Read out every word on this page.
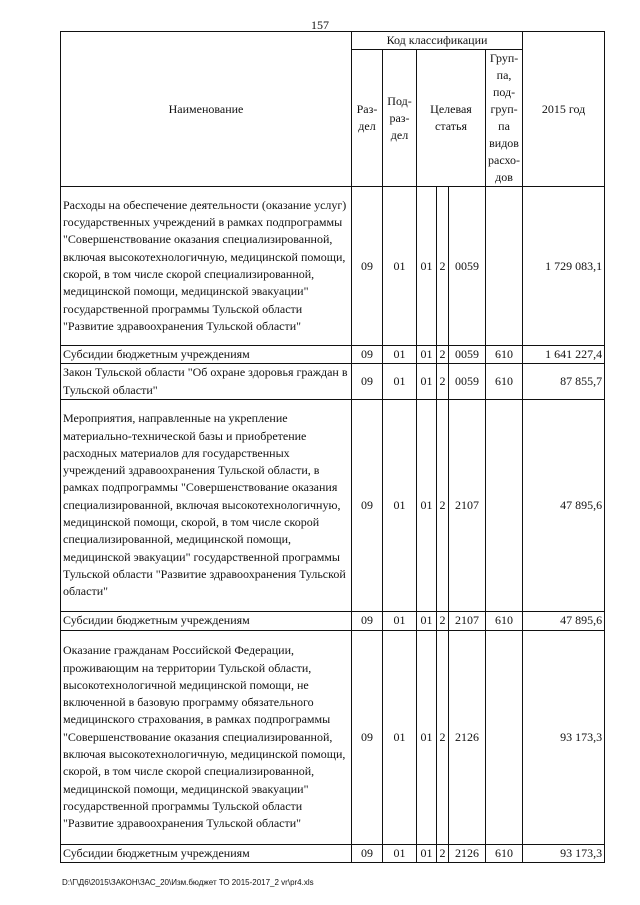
157
Наименование	Код классификации						2015 год
	Раз- дел	Под- раз- дел	Целевая статья			Груп- па, под- груп- па видов расхо- дов	
Расходы на обеспечение деятельности (оказание услуг) государственных учреждений в рамках подпрограммы "Совершенствование оказания специализированной, включая высокотехнологичную, медицинской помощи, скорой, в том числе скорой специализированной, медицинской помощи, медицинской эвакуации" государственной программы Тульской области "Развитие здравоохранения Тульской области"	09	01	01	2	0059		1 729 083,1
Субсидии бюджетным учреждениям	09	01	01	2	0059	610	1 641 227,4
Закон Тульской области "Об охране здоровья граждан в Тульской области"	09	01	01	2	0059	610	87 855,7
Мероприятия, направленные на укрепление материально-технической базы и приобретение расходных материалов для государственных учреждений здравоохранения Тульской области, в рамках подпрограммы "Совершенствование оказания специализированной, включая высокотехнологичную, медицинской помощи, скорой, в том числе скорой специализированной, медицинской помощи, медицинской эвакуации" государственной программы Тульской области "Развитие здравоохранения Тульской области"	09	01	01	2	2107		47 895,6
Субсидии бюджетным учреждениям	09	01	01	2	2107	610	47 895,6
Оказание гражданам Российской Федерации, проживающим на территории Тульской области, высокотехнологичной медицинской помощи, не включенной в базовую программу обязательного медицинского страхования, в рамках подпрограммы "Совершенствование оказания специализированной, включая высокотехнологичную, медицинской помощи, скорой, в том числе скорой специализированной, медицинской помощи, медицинской эвакуации" государственной программы Тульской области "Развитие здравоохранения Тульской области"	09	01	01	2	2126		93 173,3
Субсидии бюджетным учреждениям	09	01	01	2	2126	610	93 173,3
D:\Г\Д6\2015\ЗАКОН\ЗАС_20\Изм.бюджет ТО 2015-2017_2 vr\pr4.xls
